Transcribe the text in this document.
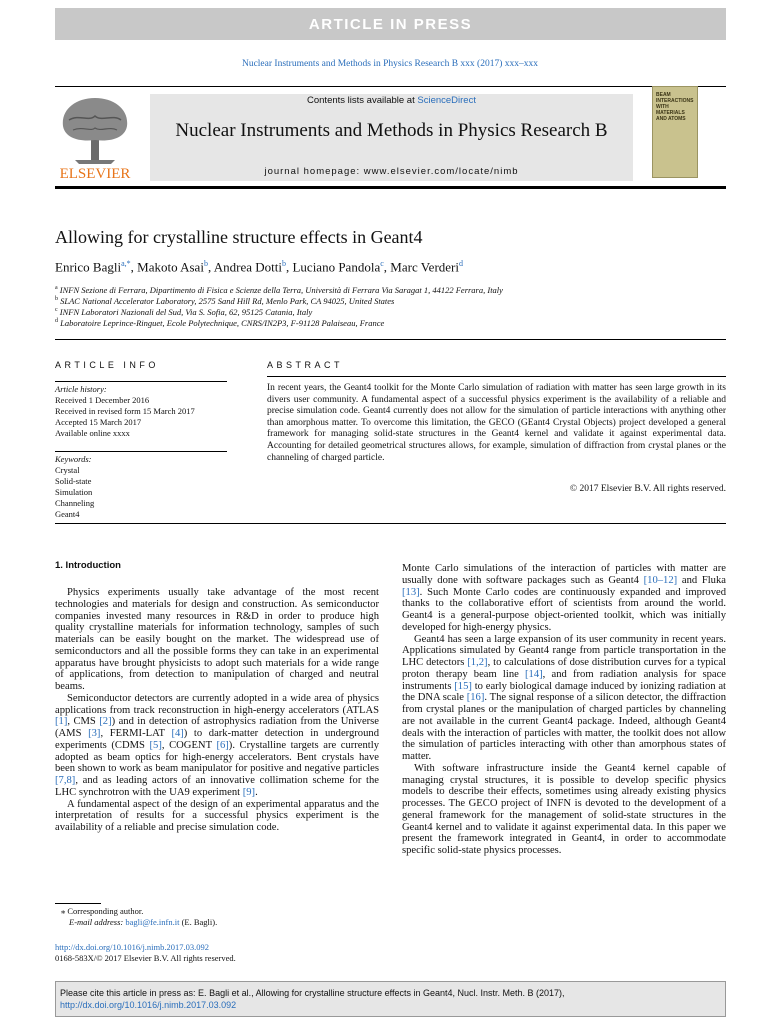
ARTICLE IN PRESS
Nuclear Instruments and Methods in Physics Research B xxx (2017) xxx–xxx
ELSEVIER
Contents lists available at ScienceDirect
Nuclear Instruments and Methods in Physics Research B
journal homepage: www.elsevier.com/locate/nimb
BEAM
INTERACTIONS
WITH
MATERIALS
AND ATOMS
Allowing for crystalline structure effects in Geant4
Enrico Bagli$^{a,*}$, Makoto Asai$^b$, Andrea Dotti$^b$, Luciano Pandola$^c$, Marc Verderi$^d$
$^a$ INFN Sezione di Ferrara, Dipartimento di Fisica e Scienze della Terra, Università di Ferrara Via Saragat 1, 44122 Ferrara, Italy
$^b$ SLAC National Accelerator Laboratory, 2575 Sand Hill Rd, Menlo Park, CA 94025, United States
$^c$ INFN Laboratori Nazionali del Sud, Via S. Sofia, 62, 95125 Catania, Italy
$^d$ Laboratoire Leprince-Ringuet, Ecole Polytechnique, CNRS/IN2P3, F-91128 Palaiseau, France
ARTICLE INFO
Article history:
Received 1 December 2016
Received in revised form 15 March 2017
Accepted 15 March 2017
Available online xxxx
Keywords:
Crystal
Solid-state
Simulation
Channeling
Geant4
ABSTRACT
In recent years, the Geant4 toolkit for the Monte Carlo simulation of radiation with matter has seen large growth in its divers user community. A fundamental aspect of a successful physics experiment is the availability of a reliable and precise simulation code. Geant4 currently does not allow for the simulation of particle interactions with anything other than amorphous matter. To overcome this limitation, the GECO (GEant4 Crystal Objects) project developed a general framework for managing solid-state structures in the Geant4 kernel and validate it against experimental data. Accounting for detailed geometrical structures allows, for example, simulation of diffraction from crystal planes or the channeling of charged particle.
© 2017 Elsevier B.V. All rights reserved.
1. Introduction

Physics experiments usually take advantage of the most recent technologies and materials for design and construction. As semiconductor companies invested many resources in R&D in order to produce high quality crystalline materials for information technology, samples of such materials can be easily bought on the market. The widespread use of semiconductors and all the possible forms they can take in an experimental apparatus have brought physicists to adopt such materials for a wide range of applications, from detection to manipulation of charged and neutral beams.

Semiconductor detectors are currently adopted in a wide area of physics applications from track reconstruction in high-energy accelerators (ATLAS [1], CMS [2]) and in detection of astrophysics radiation from the Universe (AMS [3], FERMI-LAT [4]) to dark-matter detection in underground experiments (CDMS [5], COGENT [6]). Crystalline targets are currently adopted as beam optics for high-energy accelerators. Bent crystals have been shown to work as beam manipulator for positive and negative particles [7,8], and as leading actors of an innovative collimation scheme for the LHC synchrotron with the UA9 experiment [9].

A fundamental aspect of the design of an experimental apparatus and the interpretation of results for a successful physics experiment is the availability of a reliable and precise simulation code.

Monte Carlo simulations of the interaction of particles with matter are usually done with software packages such as Geant4 [10–12] and Fluka [13]. Such Monte Carlo codes are continuously expanded and improved thanks to the collaborative effort of scientists from around the world. Geant4 is a general-purpose object-oriented toolkit, which was initially developed for high-energy physics.

Geant4 has seen a large expansion of its user community in recent years. Applications simulated by Geant4 range from particle transportation in the LHC detectors [1,2], to calculations of dose distribution curves for a typical proton therapy beam line [14], and from radiation analysis for space instruments [15] to early biological damage induced by ionizing radiation at the DNA scale [16]. The signal response of a silicon detector, the diffraction from crystal planes or the manipulation of charged particles by channeling are not available in the current Geant4 package. Indeed, although Geant4 deals with the interaction of particles with matter, the toolkit does not allow the simulation of particles interacting with other than amorphous states of matter.

With software infrastructure inside the Geant4 kernel capable of managing crystal structures, it is possible to develop specific physics models to describe their effects, sometimes using already existing physics processes. The GECO project of INFN is devoted to the development of a general framework for the management of solid-state structures in the Geant4 kernel and to validate it against experimental data. In this paper we present the framework integrated in Geant4, in order to accommodate specific solid-state physics processes.

⁎ Corresponding author.
E-mail address: bagli@fe.infn.it (E. Bagli).
http://dx.doi.org/10.1016/j.nimb.2017.03.092
0168-583X/© 2017 Elsevier B.V. All rights reserved.
Please cite this article in press as: E. Bagli et al., Allowing for crystalline structure effects in Geant4, Nucl. Instr. Meth. B (2017), http://dx.doi.org/10.1016/j.nimb.2017.03.092
